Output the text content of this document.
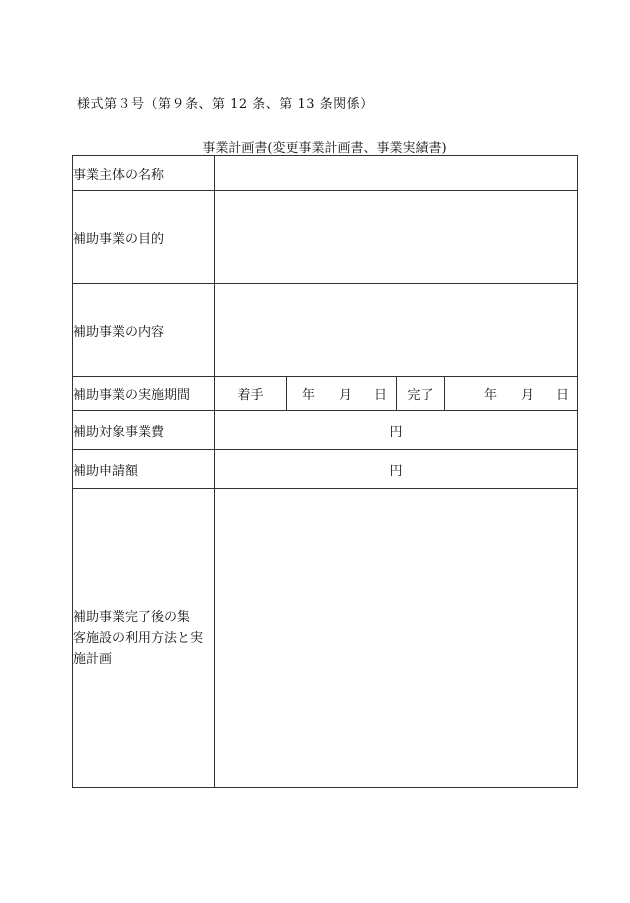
様式第３号（第９条、第 12 条、第 13 条関係）
事業計画書(変更事業計画書、事業実績書)
事業主体の名称				
補助事業の目的				
補助事業の内容				
補助事業の実施期間	着手	年 月 日	完了	年 月 日

補助対象事業費	円			
補助申請額	円			

補助事業完了後の集
客施設の利用方法と実
施計画				
